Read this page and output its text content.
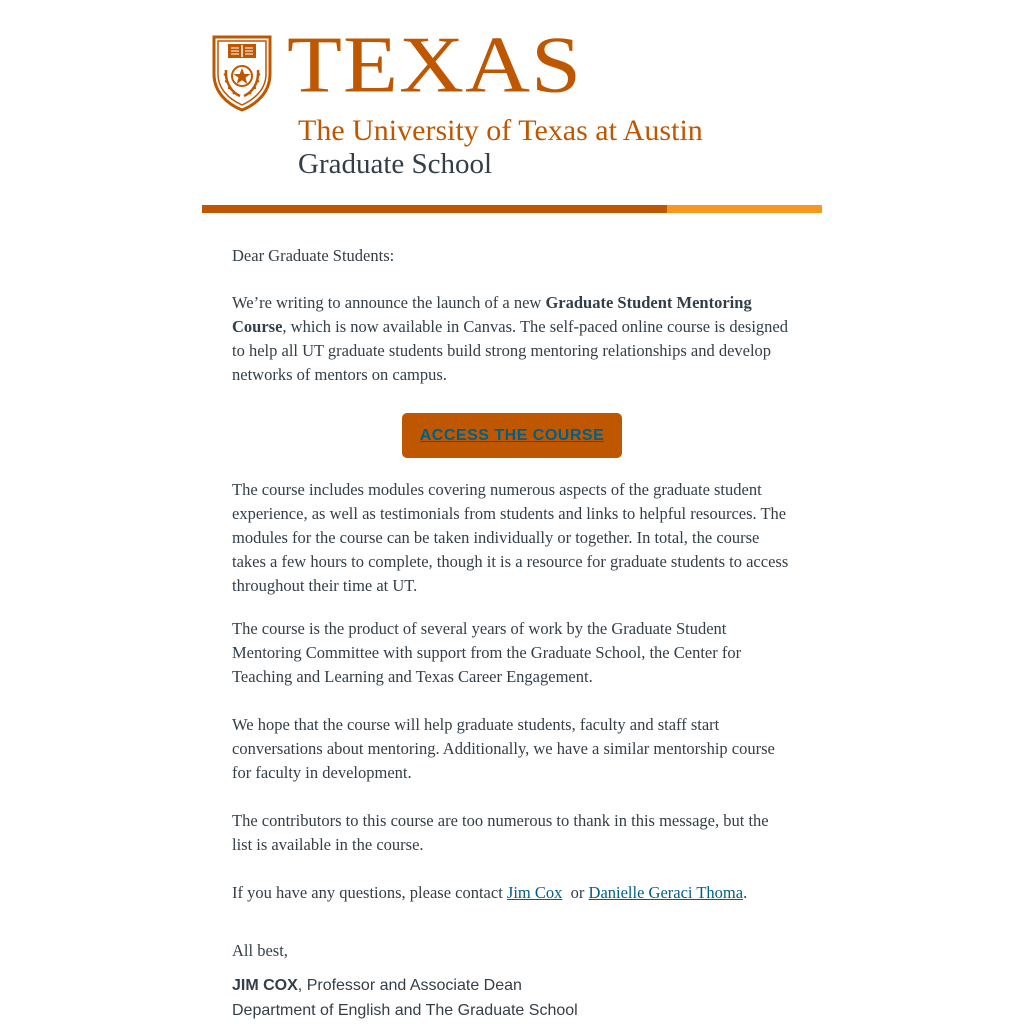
TEXAS
The University of Texas at Austin
Graduate School

Dear Graduate Students:

We’re writing to announce the launch of a new Graduate Student Mentoring Course, which is now available in Canvas. The self-paced online course is designed to help all UT graduate students build strong mentoring relationships and develop networks of mentors on campus.

ACCESS THE COURSE

The course includes modules covering numerous aspects of the graduate student experience, as well as testimonials from students and links to helpful resources. The modules for the course can be taken individually or together. In total, the course takes a few hours to complete, though it is a resource for graduate students to access throughout their time at UT.

The course is the product of several years of work by the Graduate Student Mentoring Committee with support from the Graduate School, the Center for Teaching and Learning and Texas Career Engagement.

We hope that the course will help graduate students, faculty and staff start conversations about mentoring. Additionally, we have a similar mentorship course for faculty in development.

The contributors to this course are too numerous to thank in this message, but the list is available in the course.

If you have any questions, please contact Jim Cox  or Danielle Geraci Thoma.

All best,

JIM COX, Professor and Associate Dean
Department of English and The Graduate School
